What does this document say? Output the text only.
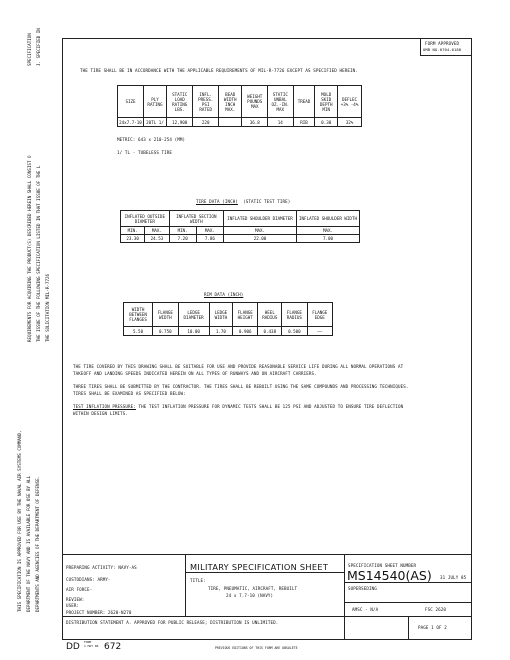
SPECIFICATION J. SPECIFIED IN
REQUIREMENTS FOR ACQUIRING THE PRODUCT(S) DESCRIBED HEREIN SHALL CONSIST O THE ISSUE OF THE FOLLOWING SPECIFICATION LISTED IN THAT ISSUE OF THE L THE SOLICITATION MIL-R-7726
THIS SPECIFICATION IS APPROVED FOR USE BY THE NAVAL AIR SYSTEMS COMMAND, DEPARTMENT OF THE NAVY AND IS AVAILABLE FOR USE BY ALL DEPARTMENTS AND AGENCIES OF THE DEPARTMENT OF DEFENSE.
FORM APPROVED
OMB NO.0704-0188
THE TIRE SHALL BE IN ACCORDANCE WITH THE APPLICABLE REQUIREMENTS OF MIL-R-7726 EXCEPT AS SPECIFIED HEREIN.
SIZE	PLY RATING	STATIC LOAD RATING LBS.	INFL. PRESS. PSI RATED	BEAD WIDTH INCH MAX.	WEIGHT POUNDS MAX	STATIC UNBAL OZ.-IN. MAX	TREAD	MOLD SKID DEPTH MIN	DEFLEC +3% -4%
24x7.7-10	20TL 1/	12,900	220		36.8	14	RIB	0.30	32%
METRIC: 643 x 210-254 (MM)
1/ TL - TUBELESS TIRE
TIRE DATA (INCH) (STATIC TEST TIRE)
INFLATED OUTSIDE DIAMETER		INFLATED SECTION WIDTH		INFLATED SHOULDER DIAMETER	INFLATED SHOULDER WIDTH
MIN.	MAX.	MIN.	MAX.	MAX.	MAX.
23.30	24.53	7.20	7.86	22.00	7.00
RIM DATA (INCH)
WIDTH BETWEEN FLANGES	FLANGE WIDTH	LEDGE DIAMETER	LEDGE WIDTH	FLANGE HEIGHT	HEEL RADIUS	FLANGE RADIUS	FLANGE EDGE
5.50	0.750	10.00	1.70	0.906	0.438	0.500	——
THE TIRE COVERED BY THIS DRAWING SHALL BE SUITABLE FOR USE AND PROVIDE REASONABLE SERVICE LIFE DURING ALL NORMAL OPERATIONS AT
TAKEOFF AND LANDING SPEEDS INDICATED HEREIN ON ALL TYPES OF RUNWAYS AND ON AIRCRAFT CARRIERS.
THREE TIRES SHALL BE SUBMITTED BY THE CONTRACTOR. THE TIRES SHALL BE REBUILT USING THE SAME COMPOUNDS AND PROCESSING TECHNIQUES.
TIRES SHALL BE EXAMINED AS SPECIFIED BELOW:
TEST INFLATION PRESSURE: THE TEST INFLATION PRESSURE FOR DYNAMIC TESTS SHALL BE 125 PSI AND ADJUSTED TO ENSURE TIRE DEFLECTION
WITHIN DESIGN LIMITS.
PREPARING ACTIVITY: NAVY-AS
CUSTODIANS: ARMY-
AIR FORCE-
REVIEW:
USER:
PROJECT NUMBER: 2620-N270
MILITARY SPECIFICATION SHEET
TITLE:
TIRE, PNEUMATIC, AIRCRAFT, REBUILT
24 x 7.7-10 (NAVY)
SPECIFICATION SHEET NUMBER
MS14540(AS) 31 JULY 85
SUPERSEDING
AMSC - N/A	FSC 2620
DISTRIBUTION STATEMENT A. APPROVED FOR PUBLIC RELEASE; DISTRIBUTION IS UNLIMITED.
PAGE 1 OF 2
DD FORM
1 MAY 86 672	PREVIOUS EDITIONS OF THIS FORM ARE OBSOLETE
